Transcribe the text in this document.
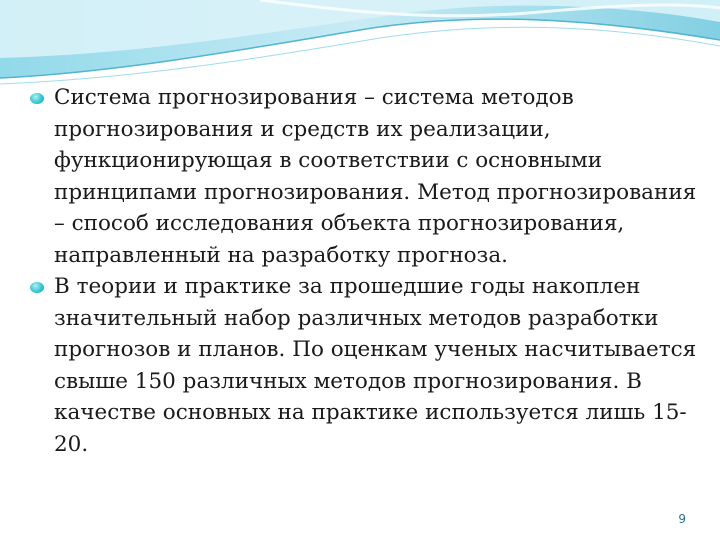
Система прогнозирования – система методов прогнозирования и средств их реализации, функционирующая в соответствии с основными принципами прогнозирования. Метод прогнозирования – способ исследования объекта прогнозирования, направленный на разработку прогноза.
В теории и практике за прошедшие годы накоплен значительный набор различных методов разработки прогнозов и планов. По оценкам ученых насчитывается свыше 150 различных методов прогнозирования. В качестве основных на практике используется лишь 15-20.
9
